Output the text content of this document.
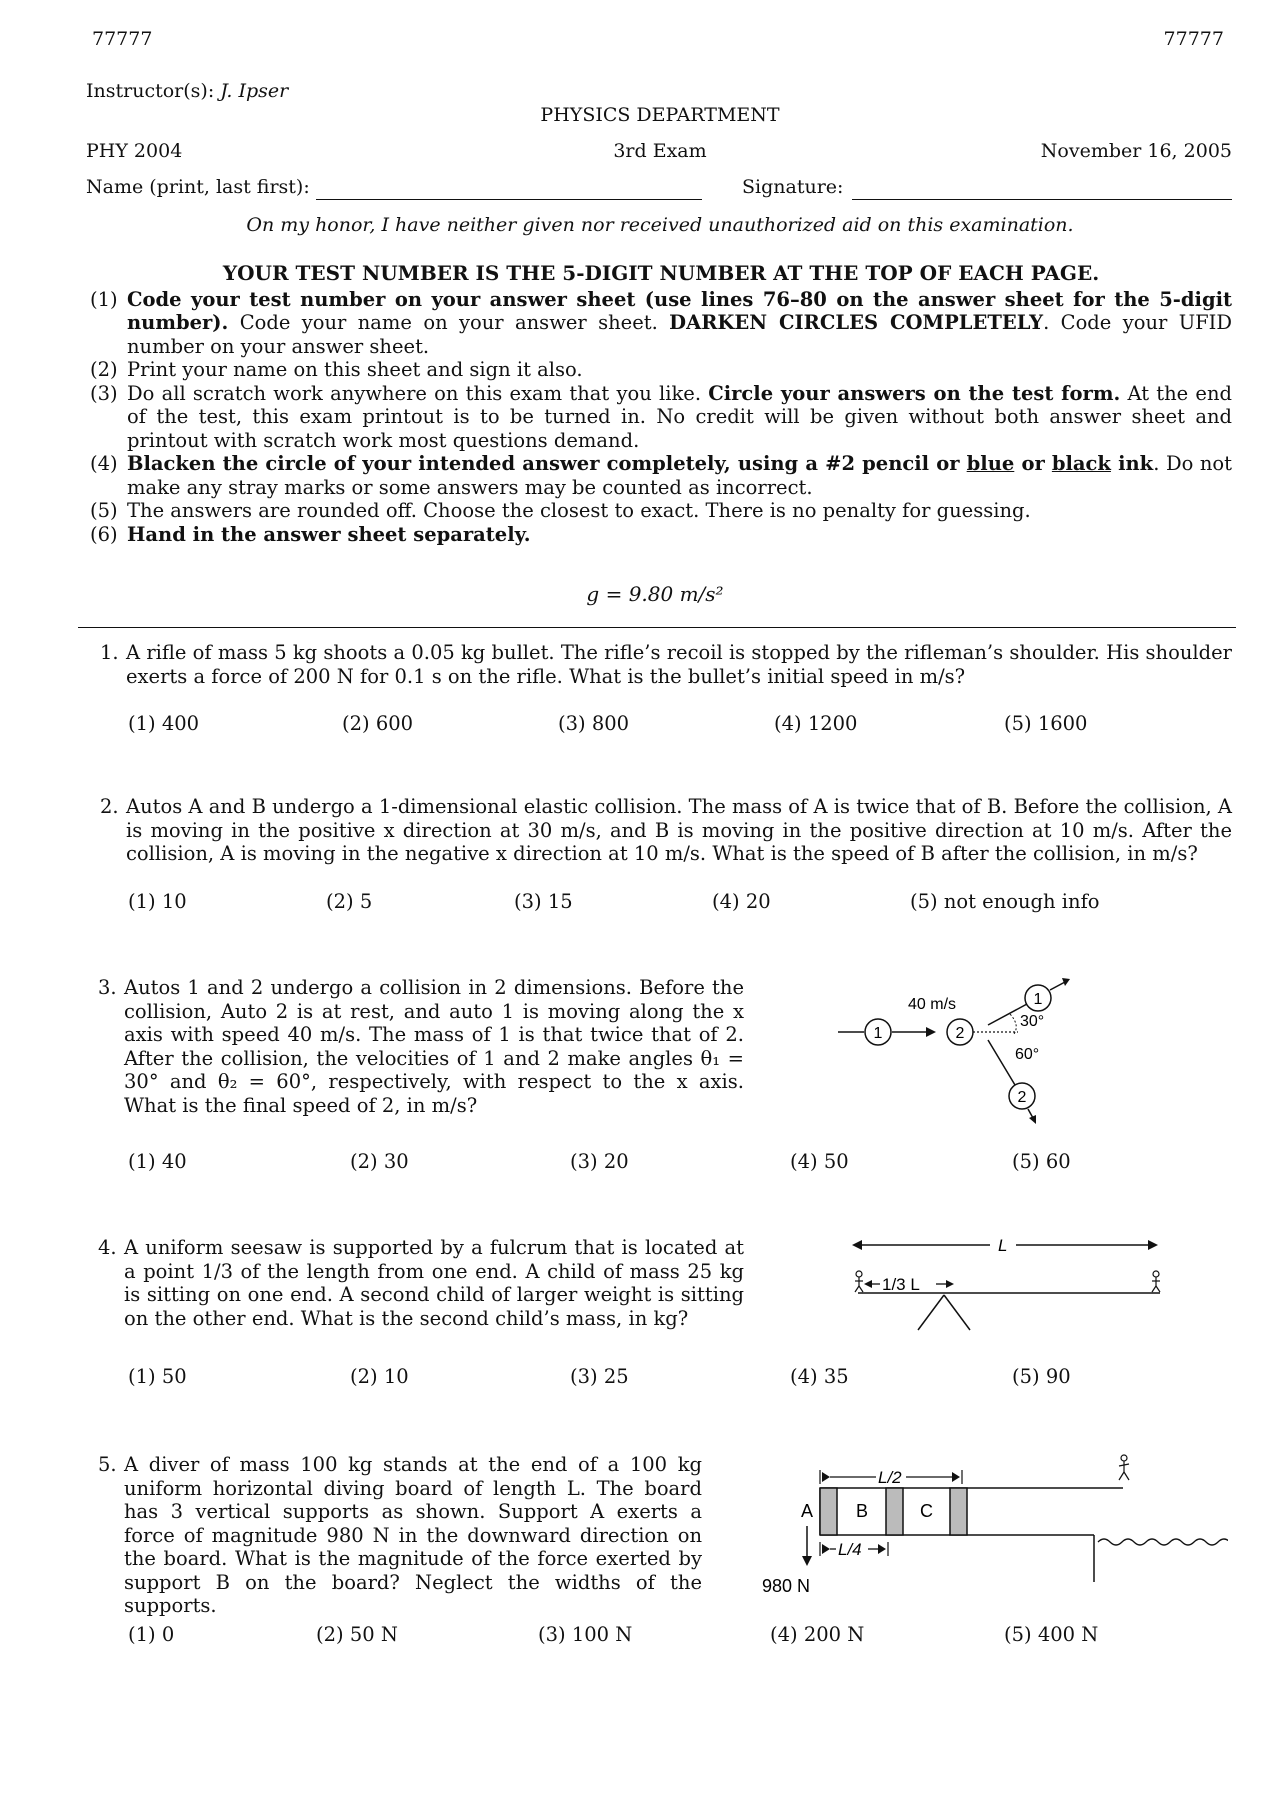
77777	77777
Instructor(s): J. Ipser
PHYSICS DEPARTMENT
PHY 2004	3rd Exam	November 16, 2005
Name (print, last first):	Signature:
On my honor, I have neither given nor received unauthorized aid on this examination.
YOUR TEST NUMBER IS THE 5-DIGIT NUMBER AT THE TOP OF EACH PAGE.
(1) Code your test number on your answer sheet (use lines 76–80 on the answer sheet for the 5-digit number). Code your name on your answer sheet. DARKEN CIRCLES COMPLETELY. Code your UFID number on your answer sheet.
(2) Print your name on this sheet and sign it also.
(3) Do all scratch work anywhere on this exam that you like. Circle your answers on the test form. At the end of the test, this exam printout is to be turned in. No credit will be given without both answer sheet and printout with scratch work most questions demand.
(4) Blacken the circle of your intended answer completely, using a #2 pencil or blue or black ink. Do not make any stray marks or some answers may be counted as incorrect.
(5) The answers are rounded off. Choose the closest to exact. There is no penalty for guessing.
(6) Hand in the answer sheet separately.
g = 9.80 m/s²
1. A rifle of mass 5 kg shoots a 0.05 kg bullet. The rifle’s recoil is stopped by the rifleman’s shoulder. His shoulder exerts a force of 200 N for 0.1 s on the rifle. What is the bullet’s initial speed in m/s?
(1) 400	(2) 600	(3) 800	(4) 1200	(5) 1600
2. Autos A and B undergo a 1-dimensional elastic collision. The mass of A is twice that of B. Before the collision, A is moving in the positive x direction at 30 m/s, and B is moving in the positive direction at 10 m/s. After the collision, A is moving in the negative x direction at 10 m/s. What is the speed of B after the collision, in m/s?
(1) 10	(2) 5	(3) 15	(4) 20	(5) not enough info
3. Autos 1 and 2 undergo a collision in 2 dimensions. Before the collision, Auto 2 is at rest, and auto 1 is moving along the x axis with speed 40 m/s. The mass of 1 is that twice that of 2. After the collision, the velocities of 1 and 2 make angles θ₁ = 30° and θ₂ = 60°, respectively, with respect to the x axis. What is the final speed of 2, in m/s?
1
40 m/s
2
1
2
30°
60°
(1) 40	(2) 30	(3) 20	(4) 50	(5) 60
4. A uniform seesaw is supported by a fulcrum that is located at a point 1/3 of the length from one end. A child of mass 25 kg is sitting on one end. A second child of larger weight is sitting on the other end. What is the second child’s mass, in kg?
L
1/3 L
(1) 50	(2) 10	(3) 25	(4) 35	(5) 90
5. A diver of mass 100 kg stands at the end of a 100 kg uniform horizontal diving board of length L. The board has 3 vertical supports as shown. Support A exerts a force of magnitude 980 N in the downward direction on the board. What is the magnitude of the force exerted by support B on the board? Neglect the widths of the supports.
L/2
A B	C
980 N
L/4
(1) 0	(2) 50 N	(3) 100 N	(4) 200 N	(5) 400 N
